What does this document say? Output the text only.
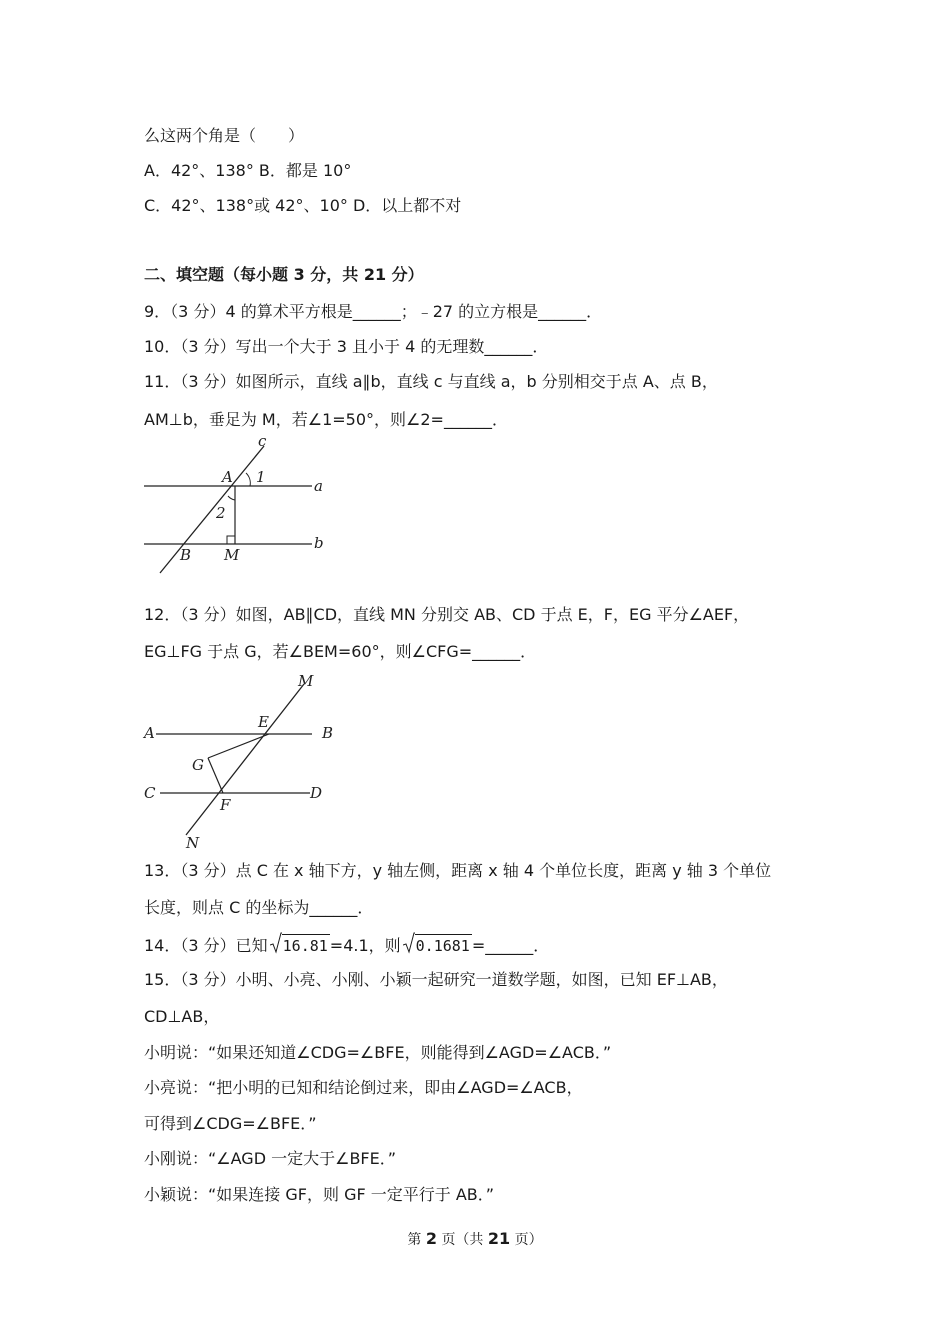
么这两个角是（　　）
A．42°、138° B．都是 10°
C．42°、138°或 42°、10° D．以上都不对
二、填空题（每小题 3 分，共 21 分）
9．（3 分）4 的算术平方根是______；﹣27 的立方根是______．
10．（3 分）写出一个大于 3 且小于 4 的无理数______．
11．（3 分）如图所示，直线 a∥b，直线 c 与直线 a，b 分别相交于点 A、点 B，
AM⊥b，垂足为 M，若∠1=50°，则∠2=______．
c
A 1	a
2
b
B M
12．（3 分）如图，AB∥CD，直线 MN 分别交 AB、CD 于点 E，F，EG 平分∠AEF，
EG⊥FG 于点 G，若∠BEM=60°，则∠CFG=______．
M
E
A	B
G
C
F
D
N
13．（3 分）点 C 在 x 轴下方，y 轴左侧，距离 x 轴 4 个单位长度，距离 y 轴 3 个单位
长度，则点 C 的坐标为______．
14．（3 分）已知 16.81 =4.1，则 0.1681 =______．
15．（3 分）小明、小亮、小刚、小颖一起研究一道数学题，如图，已知 EF⊥AB，
CD⊥AB，
小明说：“如果还知道∠CDG=∠BFE，则能得到∠AGD=∠ACB．”
小亮说：“把小明的已知和结论倒过来，即由∠AGD=∠ACB，
可得到∠CDG=∠BFE．”
小刚说：“∠AGD 一定大于∠BFE．”
小颖说：“如果连接 GF，则 GF 一定平行于 AB．”
第 2 页（共 21 页）
